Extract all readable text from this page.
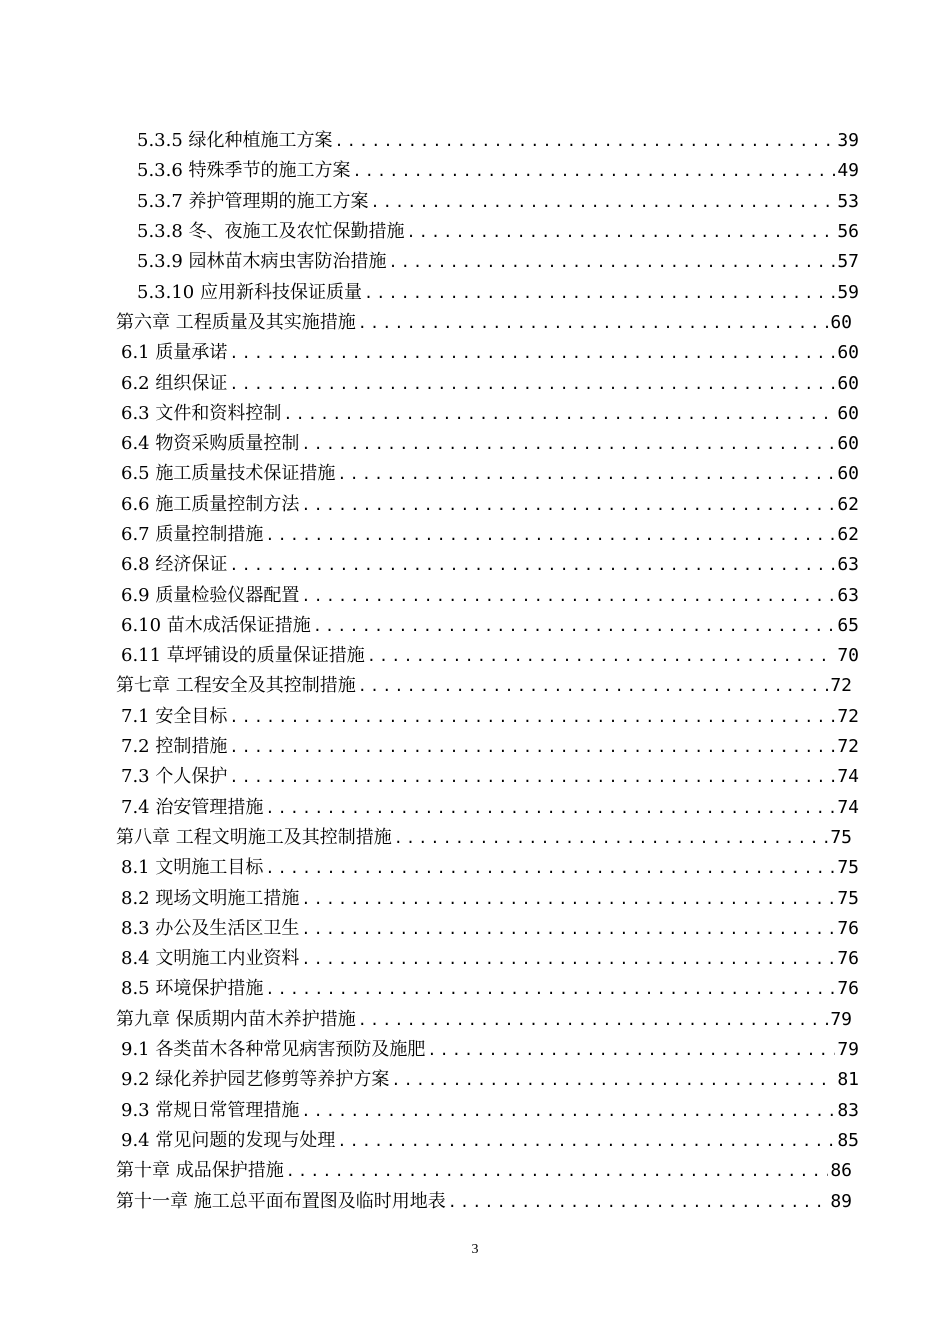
5.3.5 绿化种植施工方案 .....	39
5.3.6 特殊季节的施工方案 .....	49
5.3.7 养护管理期的施工方案 .....	53
5.3.8 冬、夜施工及农忙保勤措施 .....	56
5.3.9 园林苗木病虫害防治措施 .....	57
5.3.10 应用新科技保证质量 .....	59
第六章 工程质量及其实施措施 .....	60
6.1 质量承诺 .....	60
6.2 组织保证 .....	60
6.3 文件和资料控制 .....	60
6.4 物资采购质量控制 .....	60
6.5 施工质量技术保证措施 .....	60
6.6 施工质量控制方法 .....	62
6.7 质量控制措施 .....	62
6.8 经济保证 .....	63
6.9 质量检验仪器配置 .....	63
6.10 苗木成活保证措施 .....	65
6.11 草坪铺设的质量保证措施 .....	70
第七章 工程安全及其控制措施 .....	72
7.1 安全目标 .....	72
7.2 控制措施 .....	72
7.3 个人保护 .....	74
7.4 治安管理措施 .....	74
第八章 工程文明施工及其控制措施 .....	75
8.1 文明施工目标 .....	75
8.2 现场文明施工措施 .....	75
8.3 办公及生活区卫生 .....	76
8.4 文明施工内业资料 .....	76
8.5 环境保护措施 .....	76
第九章 保质期内苗木养护措施 .....	79
9.1 各类苗木各种常见病害预防及施肥 .....	79
9.2 绿化养护园艺修剪等养护方案 .....	81
9.3 常规日常管理措施 .....	83
9.4 常见问题的发现与处理 .....	85
第十章 成品保护措施 .....	86
第十一章 施工总平面布置图及临时用地表 .....	89
3
